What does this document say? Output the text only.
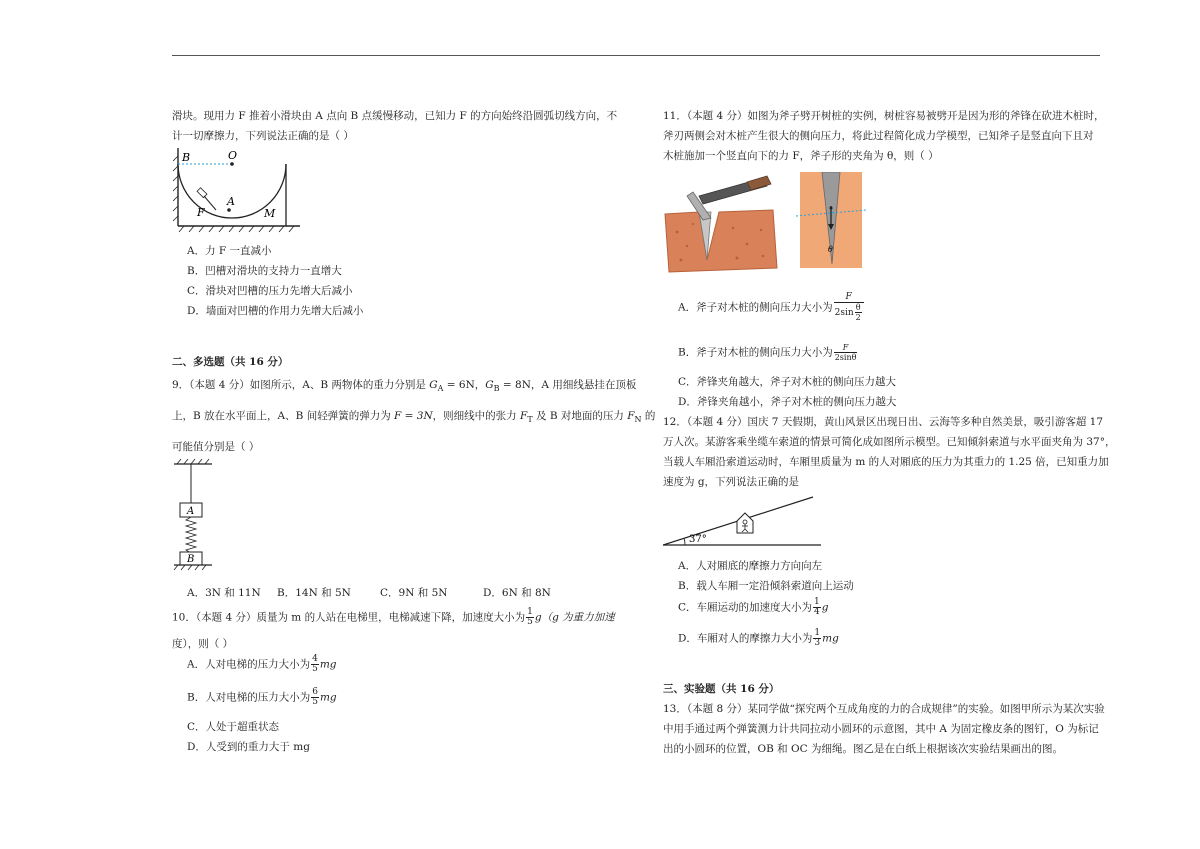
滑块。现用力 F 推着小滑块由 A 点向 B 点缓慢移动，已知力 F 的方向始终沿圆弧切线方向，不
计一切摩擦力，下列说法正确的是（ ）
B	O
A
F	M
A．力 F 一直减小
B．凹槽对滑块的支持力一直增大
C．滑块对凹槽的压力先增大后减小
D．墙面对凹槽的作用力先增大后减小
二、多选题（共 16 分）
9．（本题 4 分）如图所示，A、B 两物体的重力分别是 $G_A = 6N$，$G_B = 8N$，A 用细线悬挂在顶板
上，B 放在水平面上，A、B 间轻弹簧的弹力为 F = 3N，则细线中的张力 $F_T$ 及 B 对地面的压力 $F_N$ 的
可能值分别是（ ）
A
B
A．3N 和 11N B．14N 和 5N	C．9N 和 5N	D．6N 和 8N
10．（本题 4 分）质量为 m 的人站在电梯里，电梯减速下降，加速度大小为 $\frac{1}{5} g(g$ 为重力加速
度），则（ ）
A．人对电梯的压力大小为 $\frac{4}{5}$ mg
B．人对电梯的压力大小为 $\frac{6}{5}$ mg
C．人处于超重状态
D．人受到的重力大于 mg
11．（本题 4 分）如图为斧子劈开树桩的实例，树桩容易被劈开是因为形的斧锋在砍进木桩时，
斧刃两侧会对木桩产生很大的侧向压力，将此过程简化成力学模型，已知斧子是竖直向下且对
木桩施加一个竖直向下的力 F，斧子形的夹角为 θ，则（ ）
θ
A．斧子对木桩的侧向压力大小为 $\frac{F}{2\sin \frac{\theta}{2}}$
B．斧子对木桩的侧向压力大小为 $\frac{F}{2\sin\theta}$
C．斧锋夹角越大，斧子对木桩的侧向压力越大
D．斧锋夹角越小，斧子对木桩的侧向压力越大
12．（本题 4 分）国庆 7 天假期，黄山风景区出现日出、云海等多种自然美景，吸引游客超 17
万人次。某游客乘坐缆车索道的情景可简化成如图所示模型。已知倾斜索道与水平面夹角为 37°，
当载人车厢沿索道运动时，车厢里质量为 m 的人对厢底的压力为其重力的 1.25 倍，已知重力加
速度为 g，下列说法正确的是
37°
A．人对厢底的摩擦力方向向左
B．载人车厢一定沿倾斜索道向上运动
C．车厢运动的加速度大小为 $\frac{1}{4}$ g
D．车厢对人的摩擦力大小为 $\frac{1}{3}$ mg
三、实验题（共 16 分）
13．（本题 8 分）某同学做“探究两个互成角度的力的合成规律”的实验。如图甲所示为某次实验
中用手通过两个弹簧测力计共同拉动小圆环的示意图，其中 A 为固定橡皮条的图钉，O 为标记
出的小圆环的位置，OB 和 OC 为细绳。图乙是在白纸上根据该次实验结果画出的图。
